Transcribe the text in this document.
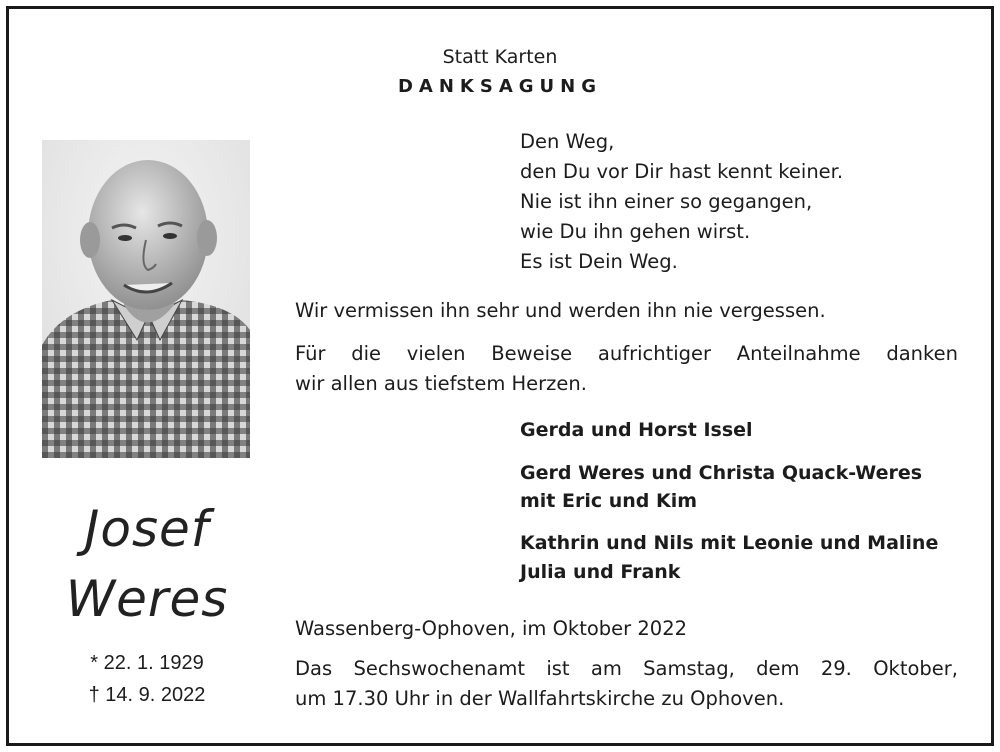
Statt Karten
DANKSAGUNG
Josef
Weres
* 22. 1. 1929
† 14. 9. 2022
Den Weg,
den Du vor Dir hast kennt keiner.
Nie ist ihn einer so gegangen,
wie Du ihn gehen wirst.
Es ist Dein Weg.
Wir vermissen ihn sehr und werden ihn nie vergessen.
Für die vielen Beweise aufrichtiger Anteilnahme danken
wir allen aus tiefstem Herzen.
Gerda und Horst Issel
Gerd Weres und Christa Quack-Weres
mit Eric und Kim
Kathrin und Nils mit Leonie und Maline
Julia und Frank
Wassenberg-Ophoven, im Oktober 2022
Das Sechswochenamt ist am Samstag, dem 29. Oktober,
um 17.30 Uhr in der Wallfahrtskirche zu Ophoven.
